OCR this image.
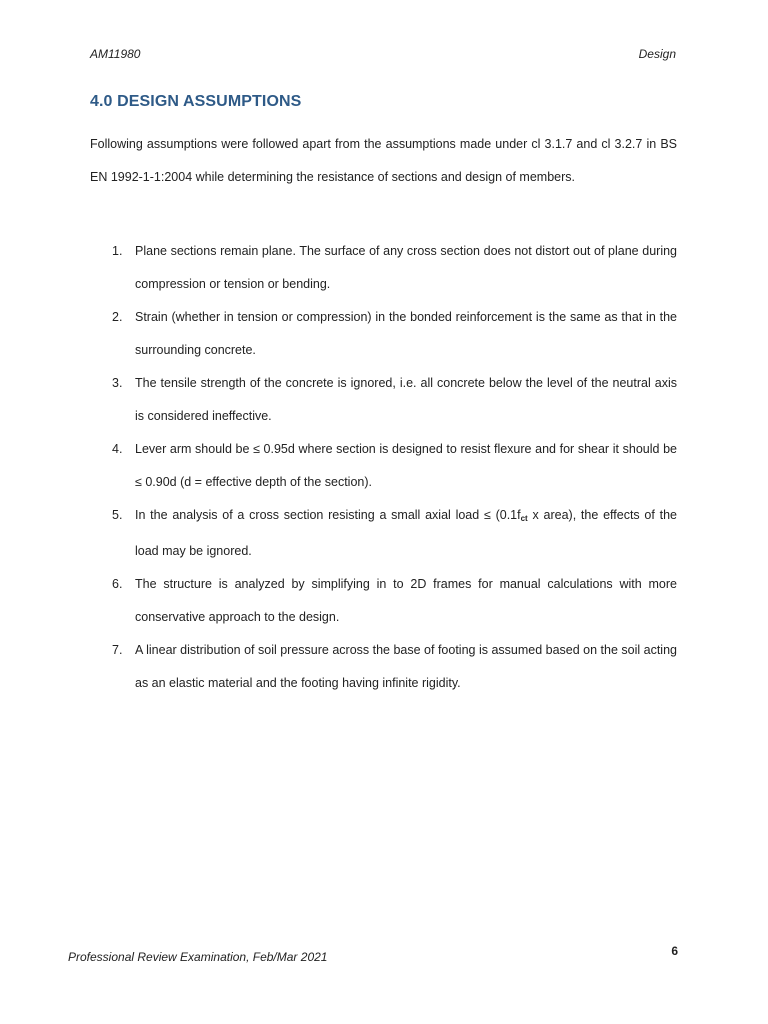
AM11980	Design
4.0 DESIGN ASSUMPTIONS

Following assumptions were followed apart from the assumptions made under cl 3.1.7 and cl 3.2.7 in BS EN 1992-1-1:2004 while determining the resistance of sections and design of members.

1. Plane sections remain plane. The surface of any cross section does not distort out of plane during compression or tension or bending.
2. Strain (whether in tension or compression) in the bonded reinforcement is the same as that in the surrounding concrete.
3. The tensile strength of the concrete is ignored, i.e. all concrete below the level of the neutral axis is considered ineffective.
4. Lever arm should be ≤ 0.95d where section is designed to resist flexure and for shear it should be ≤ 0.90d (d = effective depth of the section).
5. In the analysis of a cross section resisting a small axial load ≤ ($0.1f_{ct}$ x area), the effects of the load may be ignored.
6. The structure is analyzed by simplifying in to 2D frames for manual calculations with more conservative approach to the design.
7. A linear distribution of soil pressure across the base of footing is assumed based on the soil acting as an elastic material and the footing having infinite rigidity.
Professional Review Examination, Feb/Mar 2021	6
